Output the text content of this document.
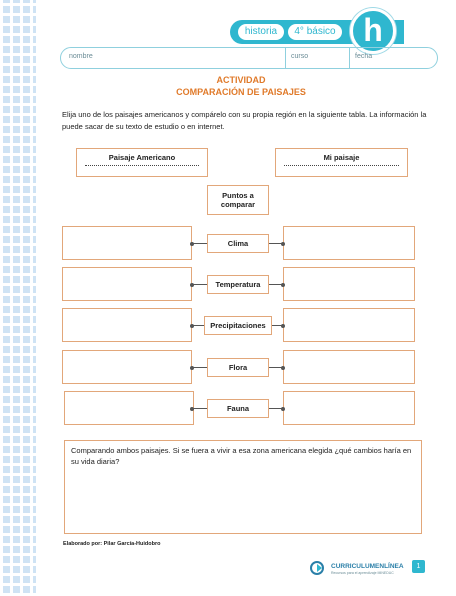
historia	4° básico h
nombre	curso	fecha
ACTIVIDAD
COMPARACIÓN DE PAISAJES
Elija uno de los paisajes americanos y compárelo con su propia región en la siguiente tabla. La información la puede sacar de su texto de estudio o en internet.
Paisaje Americano	Mi paisaje
Puntos a comparar
Clima
Temperatura
Precipitaciones
Flora
Fauna
Comparando ambos paisajes. Si se fuera a vivir a esa zona americana elegida ¿qué cambios haría en su vida diaria?
Elaborado por: Pilar García-Huidobro
CURRICULUMENLÍNEA
Recursos para el aprendizaje MINEDUC
1
